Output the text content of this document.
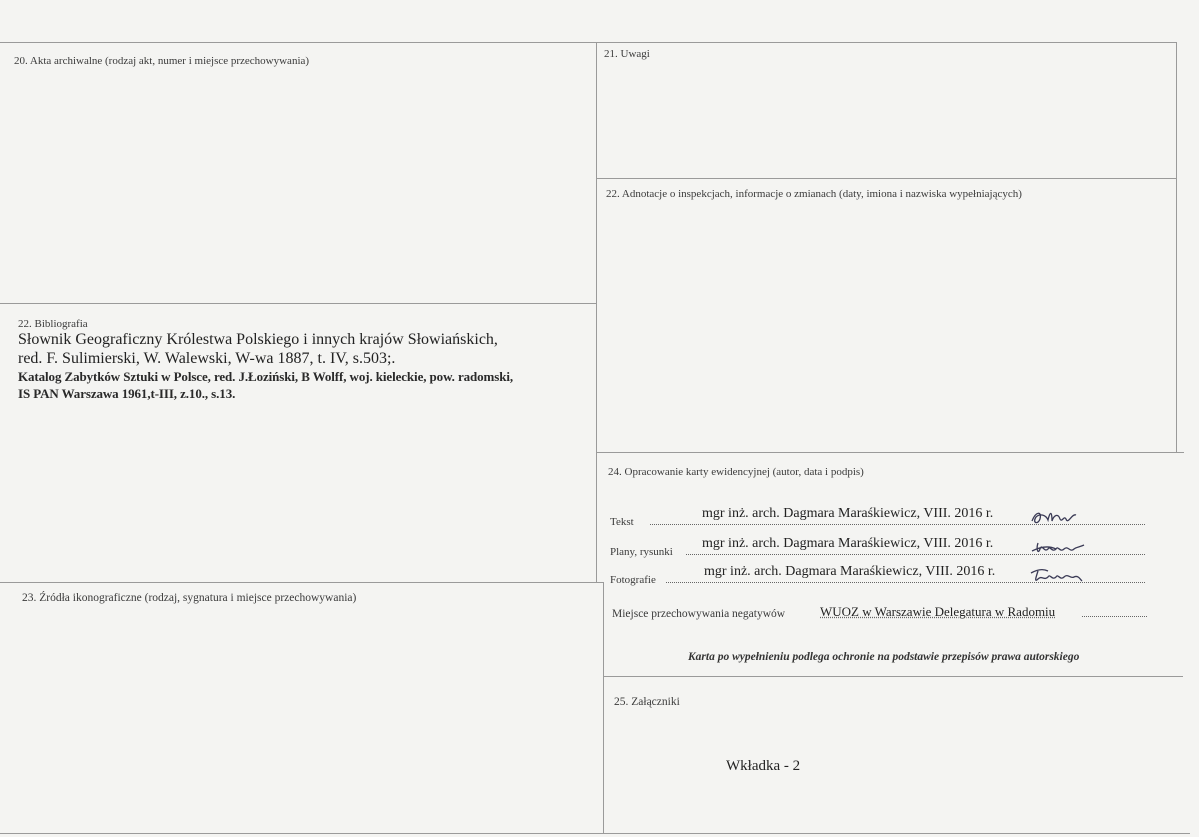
20. Akta archiwalne (rodzaj akt, numer i miejsce przechowywania)
21. Uwagi
22. Adnotacje o inspekcjach, informacje o zmianach (daty, imiona i nazwiska wypełniających)
22. Bibliografia
Słownik Geograficzny Królestwa Polskiego i innych krajów Słowiańskich,
red. F. Sulimierski, W. Walewski, W-wa 1887, t. IV, s.503;.
Katalog Zabytków Sztuki w Polsce, red. J.Łoziński, B Wolff, woj. kieleckie, pow. radomski,
IS PAN Warszawa 1961,t-III, z.10., s.13.
23. Źródła ikonograficzne (rodzaj, sygnatura i miejsce przechowywania)
24. Opracowanie karty ewidencyjnej (autor, data i podpis)
Tekst
mgr inż. arch. Dagmara Maraśkiewicz, VIII. 2016 r.
Plany, rysunki
mgr inż. arch. Dagmara Maraśkiewicz, VIII. 2016 r.
Fotografie
mgr inż. arch. Dagmara Maraśkiewicz, VIII. 2016 r.
Miejsce przechowywania negatywów	WUOZ w Warszawie Delegatura w Radomiu
Karta po wypełnieniu podlega ochronie na podstawie przepisów prawa autorskiego
25. Załączniki
Wkładka - 2
